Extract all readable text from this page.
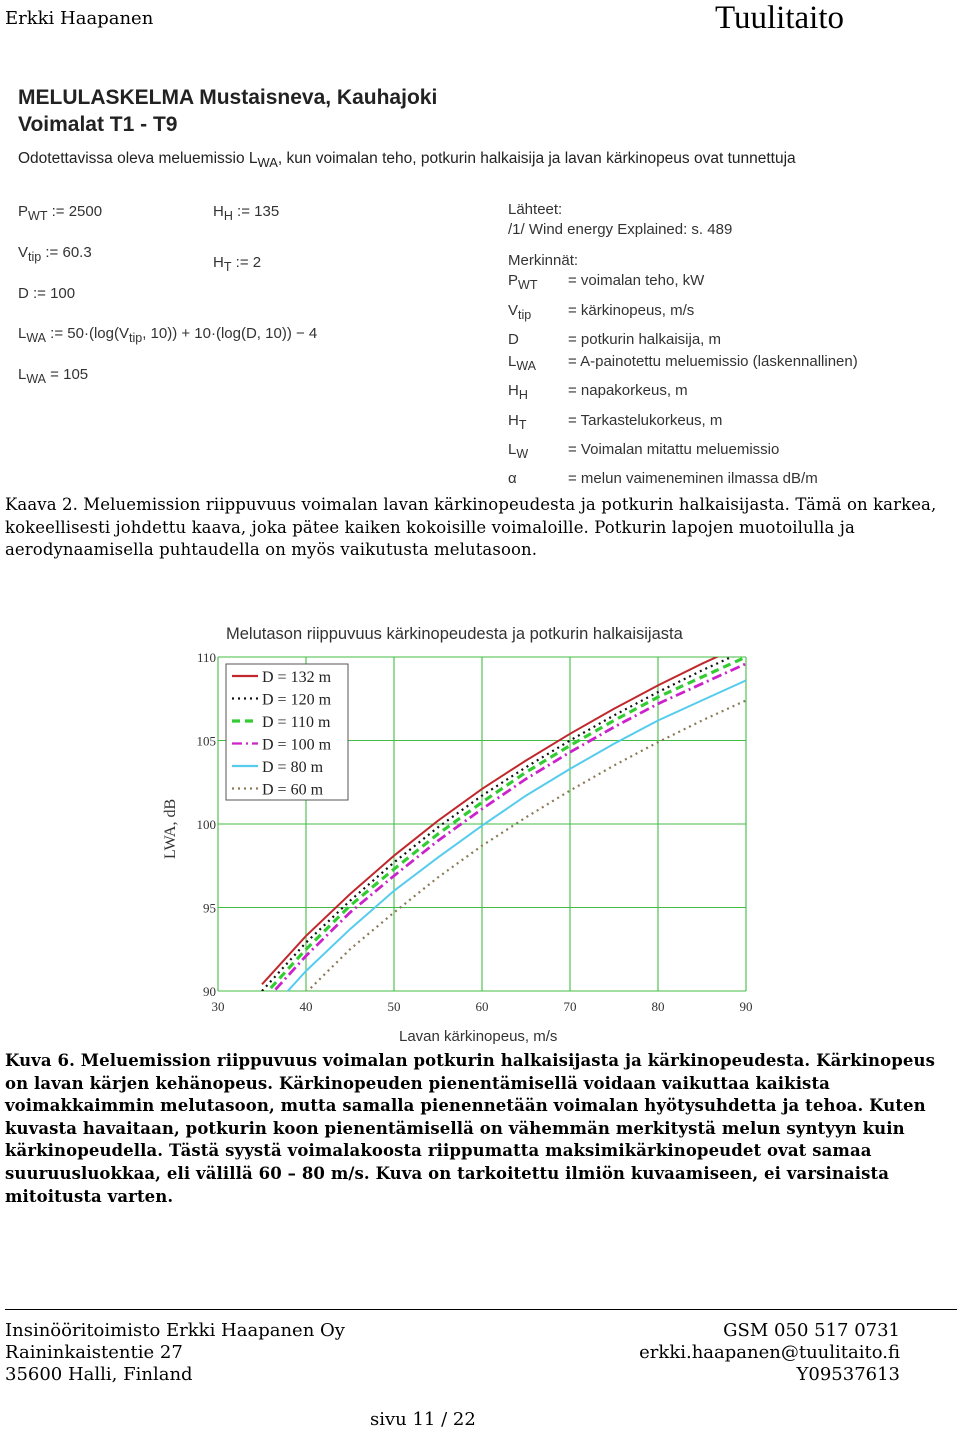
Erkki Haapanen	Tuulitaito
MELULASKELMA Mustaisneva, Kauhajoki
Voimalat T1 - T9
Odotettavissa oleva meluemissio $L_{WA}$, kun voimalan teho, potkurin halkaisija ja lavan kärkinopeus ovat tunnettuja
$P_{WT}$ := 2500
$V_{tip}$ := 60.3
D := 100
$L_{WA}$ := $50\cdot(\log(V_{tip}$, 10)) + 10·(log(D, 10)) − 4
$L_{WA} = 105$
$H_H$ := 135
$H_T$ := 2
Lähteet:
/1/ Wind energy Explained: s. 489
Merkinnät:
$P_{WT}$ = voimalan teho, kW
$V_{tip}$ = kärkinopeus, m/s
D	= potkurin halkaisija, m
$L_{WA}$ = A-painotettu meluemissio (laskennallinen)
$H_H$	= napakorkeus, m
$H_T$	= Tarkastelukorkeus, m
$L_W$	= Voimalan mitattu meluemissio
α	= melun vaimeneminen ilmassa dB/m
Kaava 2. Meluemission riippuvuus voimalan lavan kärkinopeudesta ja potkurin halkaisijasta. Tämä on karkea, kokeellisesti johdettu kaava, joka pätee kaiken kokoisille voimaloille. Potkurin lapojen muotoilulla ja aerodynaamisella puhtaudella on myös vaikutusta melutasoon.
Melutason riippuvuus kärkinopeudesta ja potkurin halkaisijasta
30	40	50	60	70	80	90
90
95
100
105
110
D = 132 m
D = 120 m
D = 110 m
D = 100 m
D = 80 m
D = 60 m
Lavan kärkinopeus, m/s
LWA, dB
Kuva 6. Meluemission riippuvuus voimalan potkurin halkaisijasta ja kärkinopeudesta. Kärkinopeus on lavan kärjen kehänopeus. Kärkinopeuden pienentämisellä voidaan vaikuttaa kaikista voimakkaimmin melutasoon, mutta samalla pienennetään voimalan hyötysuhdetta ja tehoa. Kuten kuvasta havaitaan, potkurin koon pienentämisellä on vähemmän merkitystä melun syntyyn kuin kärkinopeudella. Tästä syystä voimalakoosta riippumatta maksimikärkinopeudet ovat samaa suuruusluokkaa, eli välillä 60 – 80 m/s. Kuva on tarkoitettu ilmiön kuvaamiseen, ei varsinaista mitoitusta varten.
Insinööritoimisto Erkki Haapanen Oy
Raininkaistentie 27
35600 Halli, Finland
GSM 050 517 0731
erkki.haapanen@tuulitaito.fi
Y09537613
sivu 11 / 22
